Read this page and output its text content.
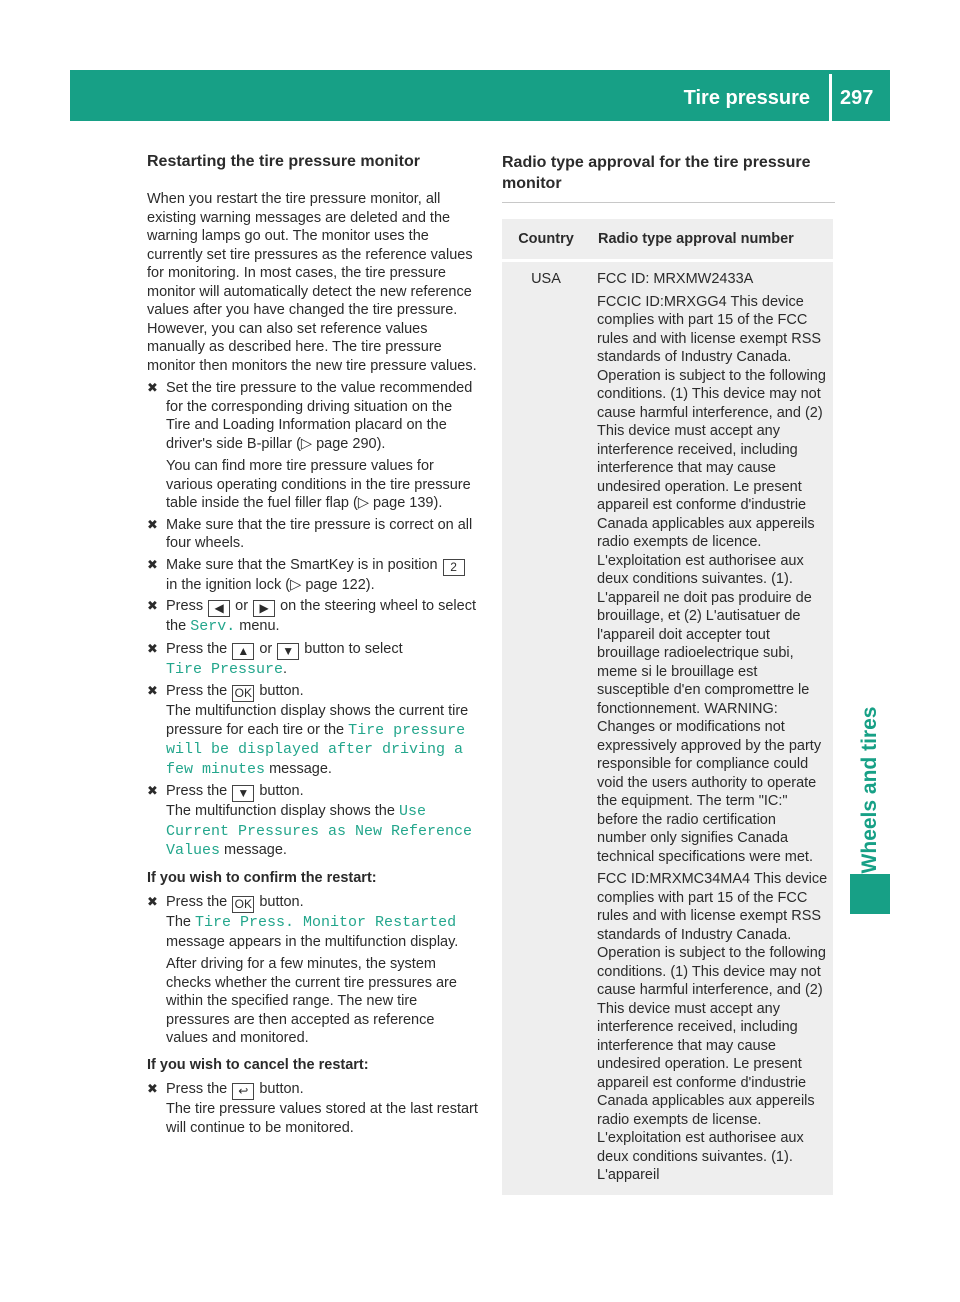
Tire pressure	297
Wheels and tires
Restarting the tire pressure monitor

When you restart the tire pressure monitor, all existing warning messages are deleted and the warning lamps go out. The monitor uses the currently set tire pressures as the reference values for monitoring. In most cases, the tire pressure monitor will automatically detect the new reference values after you have changed the tire pressure. However, you can also set reference values manually as described here. The tire pressure monitor then monitors the new tire pressure values.

✖ Set the tire pressure to the value recommended for the corresponding driving situation on the Tire and Loading Information placard on the driver's side B-pillar (▷ page 290).

You can find more tire pressure values for various operating conditions in the tire pressure table inside the fuel filler flap (▷ page 139).

✖ Make sure that the tire pressure is correct on all four wheels.
✖ Make sure that the SmartKey is in position 2 in the ignition lock (▷ page 122).
✖ Press ◀ or ▶ on the steering wheel to select the Serv. menu.
✖ Press the ▲ or ▼ button to select
Tire Pressure.
✖ Press the OK button.
The multifunction display shows the current tire pressure for each tire or the Tire pressure will be displayed after driving a few minutes message.
✖ Press the ▼ button.
The multifunction display shows the Use Current Pressures as New Reference Values message.

If you wish to confirm the restart:

✖ Press the OK button.
The Tire Press. Monitor Restarted message appears in the multifunction display.

After driving for a few minutes, the system checks whether the current tire pressures are within the specified range. The new tire pressures are then accepted as reference values and monitored.

If you wish to cancel the restart:

✖ Press the ↩ button.
The tire pressure values stored at the last restart will continue to be monitored.
Radio type approval for the tire pressure monitor
Country	Radio type approval number
USA	FCC ID: MRXMW2433A

FCCIC ID:MRXGG4 This device complies with part 15 of the FCC rules and with license exempt RSS standards of Industry Canada. Operation is subject to the following conditions. (1) This device may not cause harmful interference, and (2) This device must accept any interference received, including interference that may cause undesired operation. Le present appareil est conforme d'industrie Canada applicables aux appereils radio exempts de licence. L'exploitation est authorisee aux deux conditions suivantes. (1). L'appareil ne doit pas produire de brouillage, et (2) L'autisatuer de l'appareil doit accepter tout brouillage radioelectrique subi, meme si le brouillage est susceptible d'en compromettre le fonctionnement. WARNING: Changes or modifications not expressively approved by the party responsible for compliance could void the users authority to operate the equipment. The term "IC:" before the radio certification number only signifies Canada technical specifications were met.

FCC ID:MRXMC34MA4 This device complies with part 15 of the FCC rules and with license exempt RSS standards of Industry Canada. Operation is subject to the following conditions. (1) This device may not cause harmful interference, and (2) This device must accept any interference received, including interference that may cause undesired operation. Le present appareil est conforme d'industrie Canada applicables aux appereils radio exempts de license. L'exploitation est authorisee aux deux conditions suivantes. (1). L'appareil
